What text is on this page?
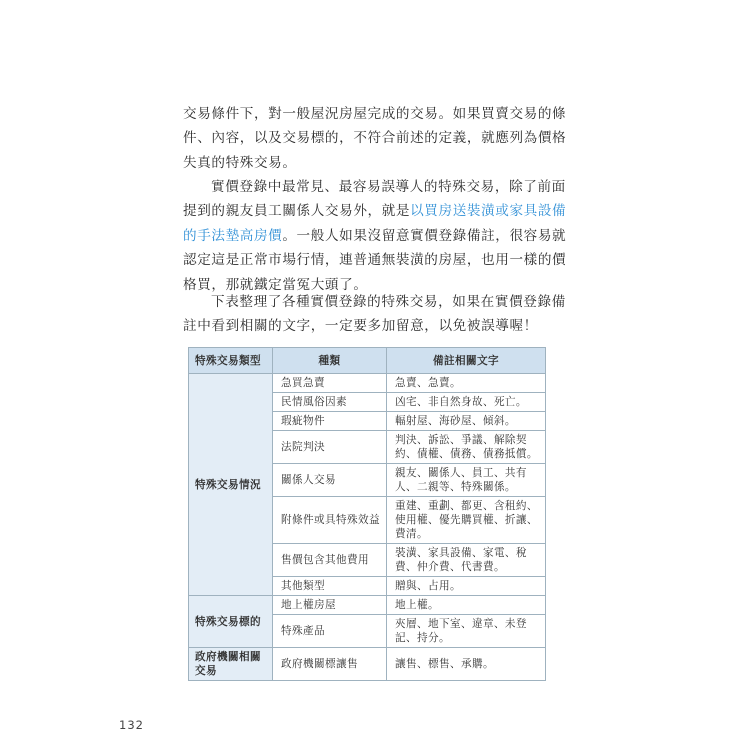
交易條件下，對一般屋況房屋完成的交易。如果買賣交易的條件、內容，以及交易標的，不符合前述的定義，就應列為價格失真的特殊交易。

實價登錄中最常見、最容易誤導人的特殊交易，除了前面提到的親友員工關係人交易外，就是以買房送裝潢或家具設備的手法墊高房價。一般人如果沒留意實價登錄備註，很容易就認定這是正常市場行情，連普通無裝潢的房屋，也用一樣的價格買，那就鐵定當冤大頭了。

下表整理了各種實價登錄的特殊交易，如果在實價登錄備註中看到相關的文字，一定要多加留意，以免被誤導喔！

特殊交易類型	種類	備註相關文字
特殊交易情況	急買急賣	急賣、急賣。
	民情風俗因素	凶宅、非自然身故、死亡。
	瑕疵物件	輻射屋、海砂屋、傾斜。
	法院判決	判決、訴訟、爭議、解除契約、債權、債務、債務抵償。
	關係人交易	親友、關係人、員工、共有人、二親等、特殊關係。
	附條件或具特殊效益	重建、重劃、都更、含租約、使用權、優先購買權、折讓、費清。
	售價包含其他費用	裝潢、家具設備、家電、稅費、仲介費、代書費。
	其他類型	贈與、占用。
特殊交易標的	地上權房屋	地上權。
	特殊產品	夾層、地下室、違章、未登記、持分。
政府機關相關交易	政府機關標讓售	讓售、標售、承購。
132
